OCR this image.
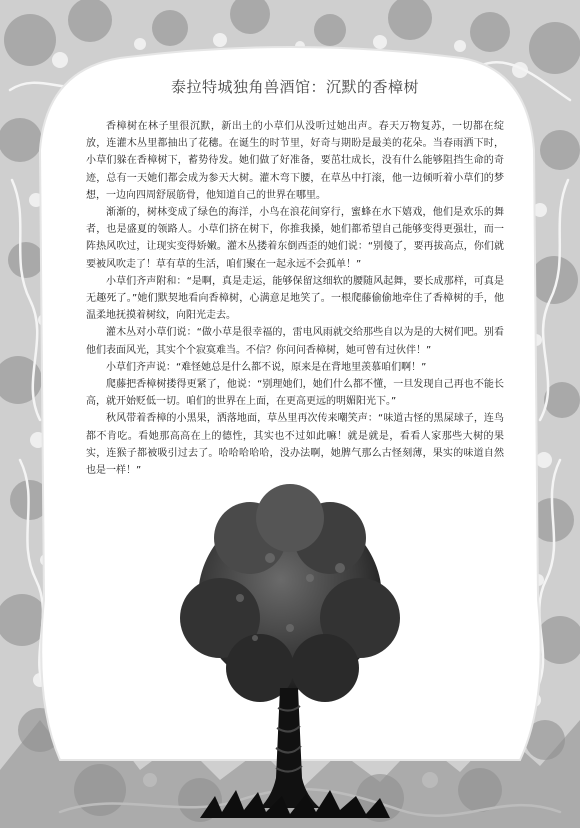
泰拉特城独角兽酒馆：沉默的香樟树

香樟树在林子里很沉默，新出土的小草们从没听过她出声。春天万物复苏，一切都在绽放，连灌木丛里都抽出了花穗。在诞生的时节里，好奇与期盼是最美的花朵。当春雨洒下时，小草们躲在香樟树下，蓄势待发。她们做了好准备，要茁壮成长，没有什么能够阻挡生命的奇迹，总有一天她们都会成为参天大树。灌木弯下腰，在草丛中打滚，他一边倾听着小草们的梦想，一边向四周舒展筋骨，他知道自己的世界在哪里。

渐渐的，树林变成了绿色的海洋，小鸟在浪花间穿行，蜜蜂在水下嬉戏，他们是欢乐的舞者，也是盛夏的领路人。小草们挤在树下，你推我搡，她们都希望自己能够变得更强壮，而一阵热风吹过，让现实变得娇嫩。灌木丛搂着东倒西歪的她们说：“别傻了，要再拔高点，你们就要被风吹走了！草有草的生活，咱们聚在一起永远不会孤单！”

小草们齐声附和：“是啊，真是走运，能够保留这细软的腰随风起舞，要长成那样，可真是无趣死了。”她们默契地看向香樟树，心满意足地笑了。一根爬藤偷偷地牵住了香樟树的手，他温柔地抚摸着树纹，向阳光走去。

灌木丛对小草们说：“做小草是很幸福的，雷电风雨就交给那些自以为是的大树们吧。别看他们表面风光，其实个个寂寞难当。不信？你问问香樟树，她可曾有过伙伴！”

小草们齐声说：“难怪她总是什么都不说，原来是在背地里羡慕咱们啊！”

爬藤把香樟树搂得更紧了，他说：“别理她们，她们什么都不懂，一旦发现自己再也不能长高，就开始贬低一切。咱们的世界在上面，在更高更远的明媚阳光下。”

秋风带着香樟的小黑果，洒落地面，草丛里再次传来嘲笑声：“味道古怪的黑屎球子，连鸟都不肯吃。看她那高高在上的德性，其实也不过如此嘛！就是就是，看看人家那些大树的果实，连猴子都被吸引过去了。哈哈哈哈哈，没办法啊，她脾气那么古怪刻薄，果实的味道自然也是一样！”
